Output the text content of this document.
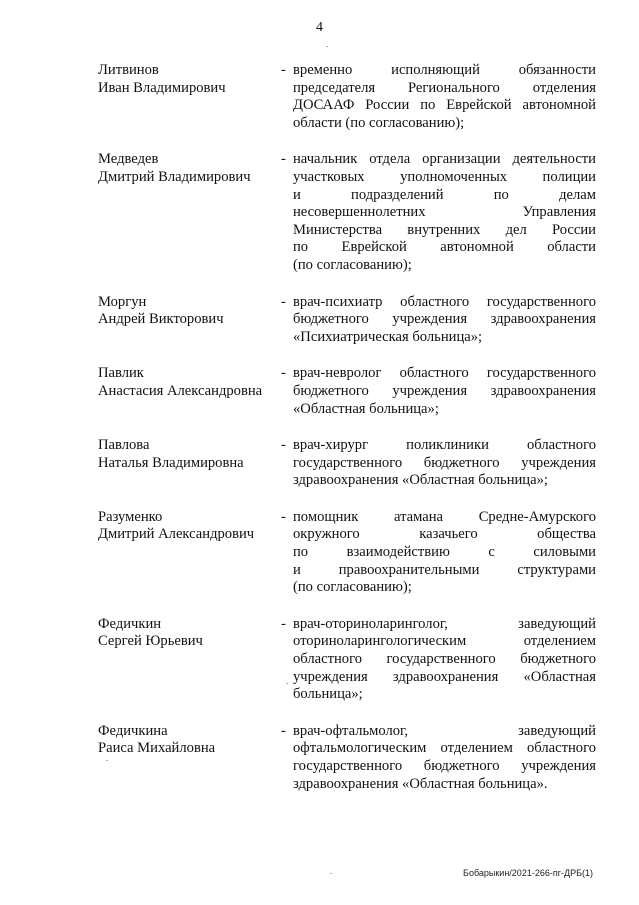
4
Литвинов
Иван Владимирович
- временно исполняющий обязанности
председателя Регионального отделения
ДОСААФ России по Еврейской автономной
области (по согласованию);
Медведев
Дмитрий Владимирович
- начальник отдела организации деятельности
участковых уполномоченных полиции
и подразделений по делам
несовершеннолетних Управления
Министерства внутренних дел России
по Еврейской автономной области
(по согласованию);
Моргун
Андрей Викторович
- врач-психиатр областного государственного
бюджетного учреждения здравоохранения
«Психиатрическая больница»;
Павлик
Анастасия Александровна
- врач-невролог областного государственного
бюджетного учреждения здравоохранения
«Областная больница»;
Павлова
Наталья Владимировна
- врач-хирург поликлиники областного
государственного бюджетного учреждения
здравоохранения «Областная больница»;
Разуменко
Дмитрий Александрович
- помощник атамана Средне-Амурского
окружного казачьего общества
по взаимодействию с силовыми
и правоохранительными структурами
(по согласованию);
Федичкин
Сергей Юрьевич
- врач-оториноларинголог, заведующий
оториноларингологическим отделением
областного государственного бюджетного
учреждения здравоохранения «Областная
больница»;
Федичкина
Раиса Михайловна
- врач-офтальмолог, заведующий
офтальмологическим отделением областного
государственного бюджетного учреждения
здравоохранения «Областная больница».
Бобарыкин/2021-266-пг-ДРБ(1)
